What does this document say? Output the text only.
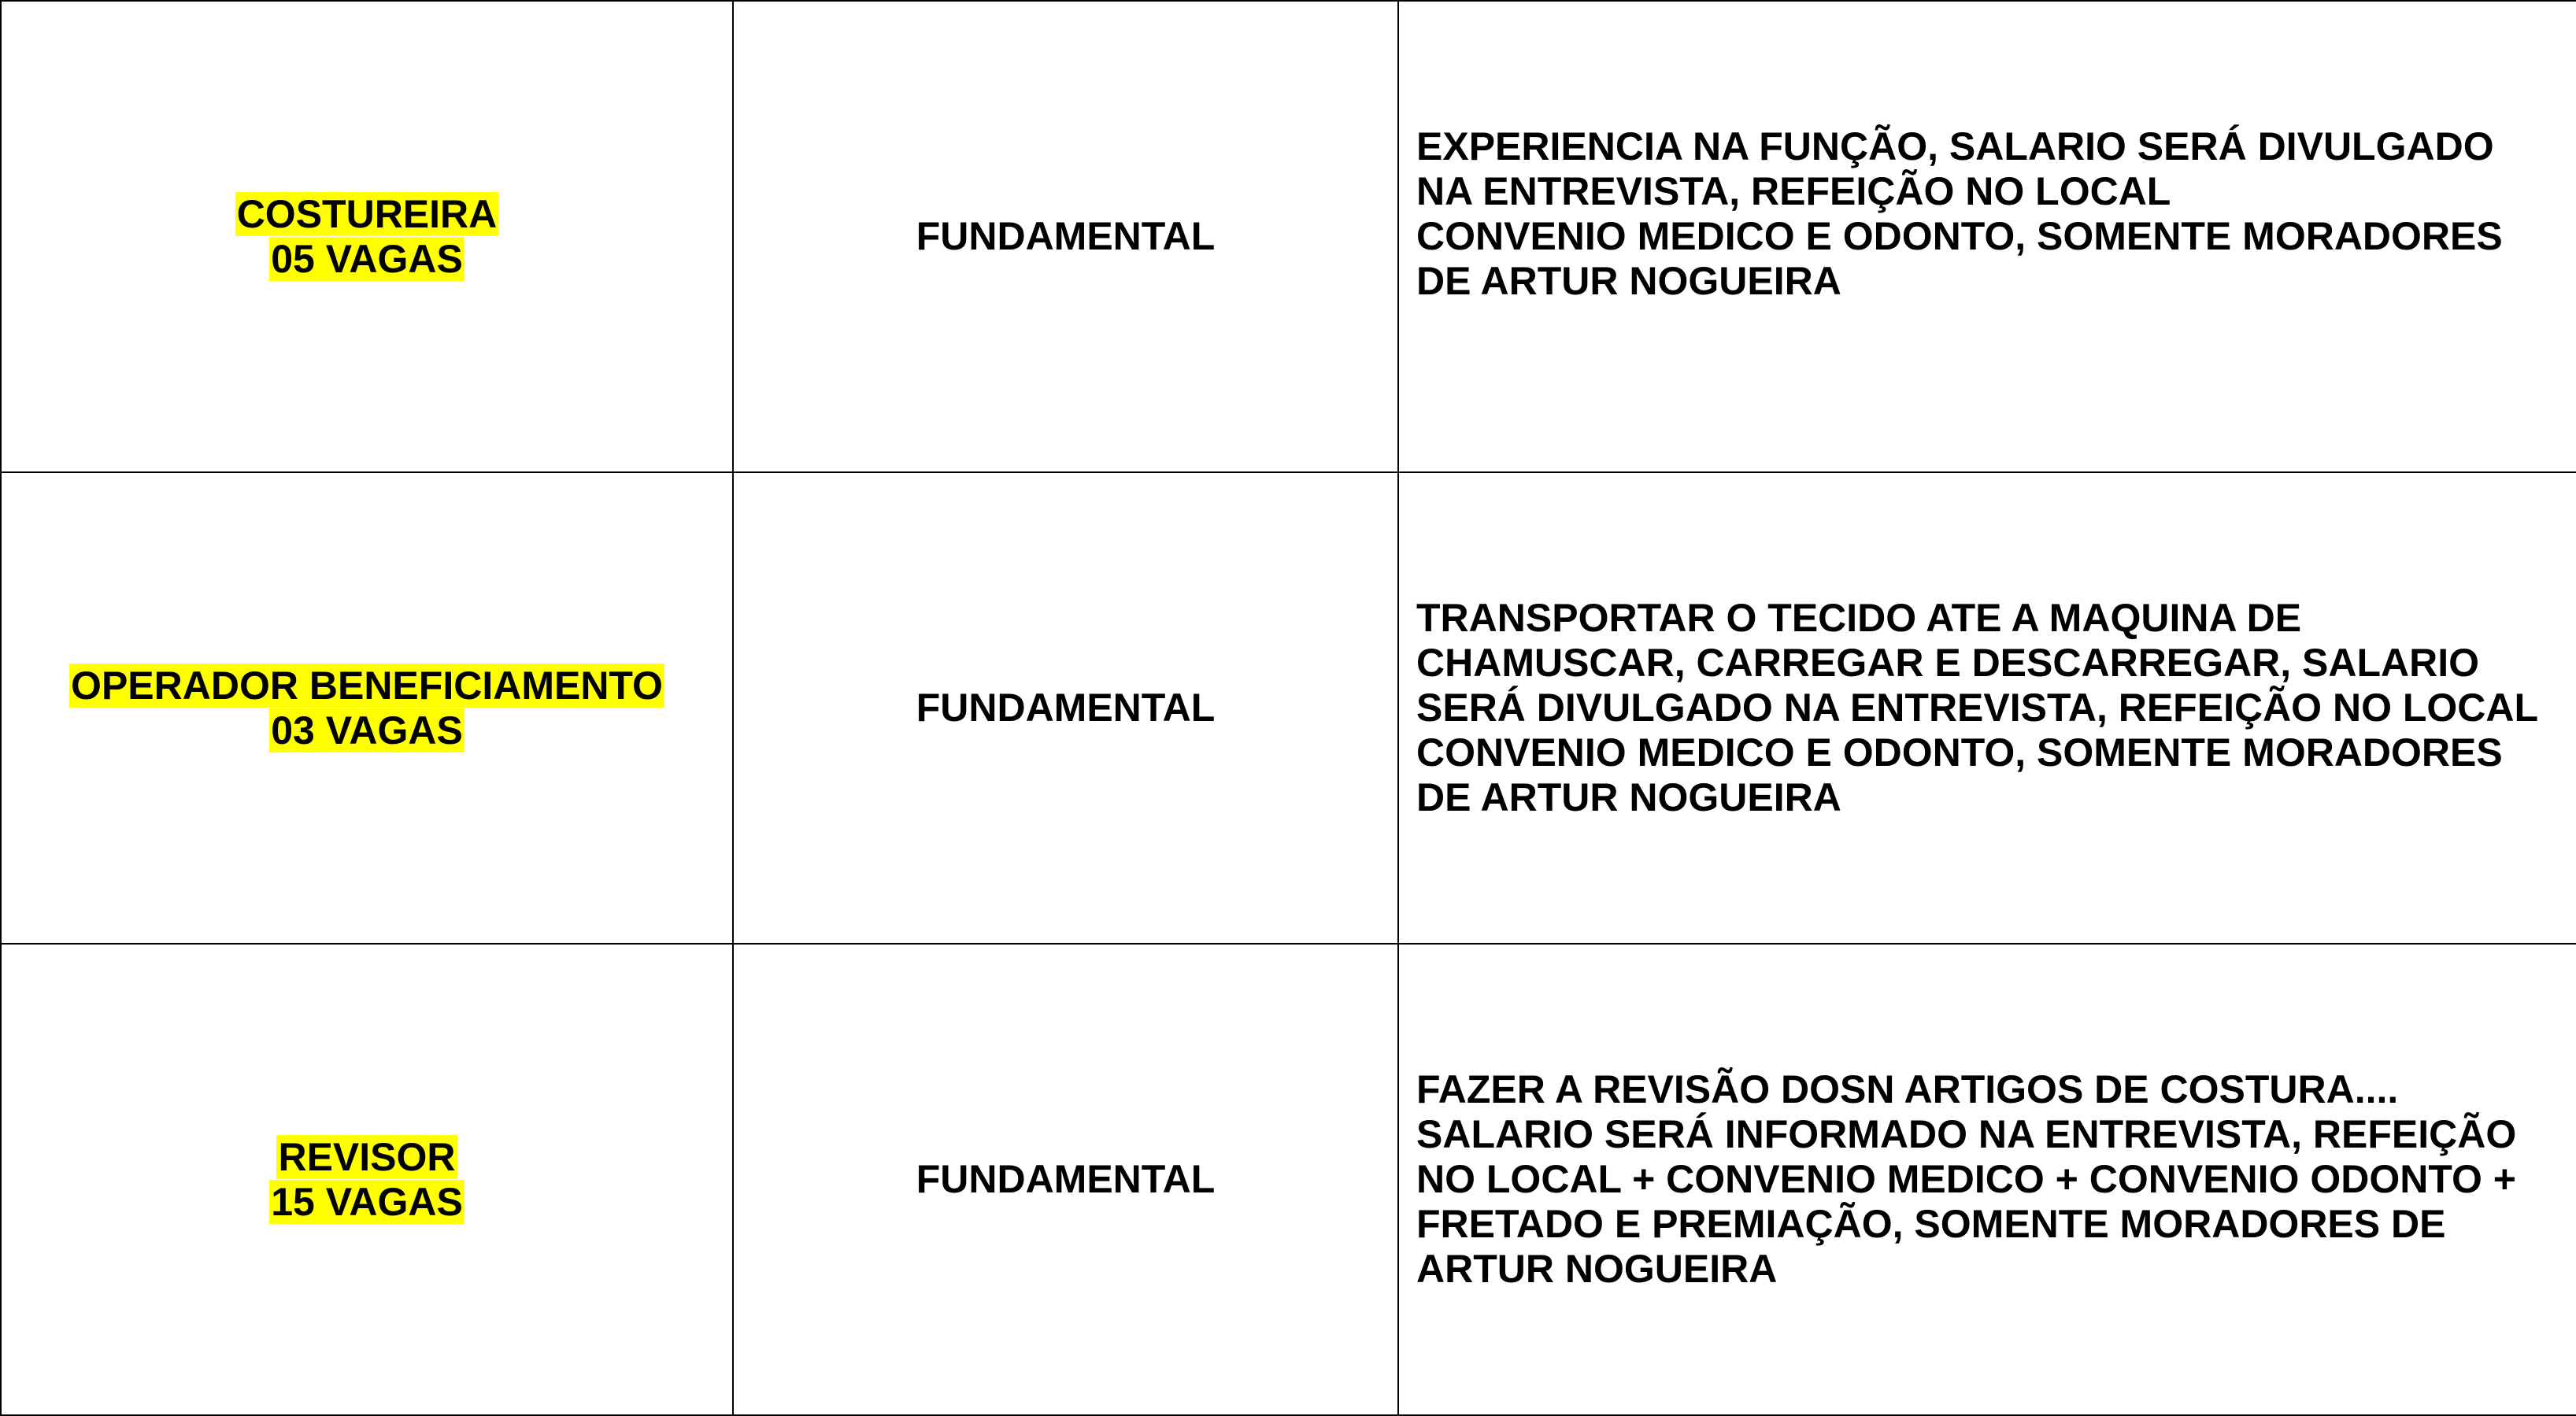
COSTUREIRA
05 VAGAS	FUNDAMENTAL	EXPERIENCIA NA FUNÇÃO, SALARIO SERÁ DIVULGADO
NA ENTREVISTA, REFEIÇÃO NO LOCAL
CONVENIO MEDICO E ODONTO, SOMENTE MORADORES
DE ARTUR NOGUEIRA

OPERADOR BENEFICIAMENTO
03 VAGAS	FUNDAMENTAL	TRANSPORTAR O TECIDO ATE A MAQUINA DE
CHAMUSCAR, CARREGAR E DESCARREGAR, SALARIO
SERÁ DIVULGADO NA ENTREVISTA, REFEIÇÃO NO LOCAL
CONVENIO MEDICO E ODONTO, SOMENTE MORADORES
DE ARTUR NOGUEIRA

REVISOR
15 VAGAS	FUNDAMENTAL	FAZER A REVISÃO DOSN ARTIGOS DE COSTURA....
SALARIO SERÁ INFORMADO NA ENTREVISTA, REFEIÇÃO
NO LOCAL + CONVENIO MEDICO + CONVENIO ODONTO +
FRETADO E PREMIAÇÃO, SOMENTE MORADORES DE
ARTUR NOGUEIRA
